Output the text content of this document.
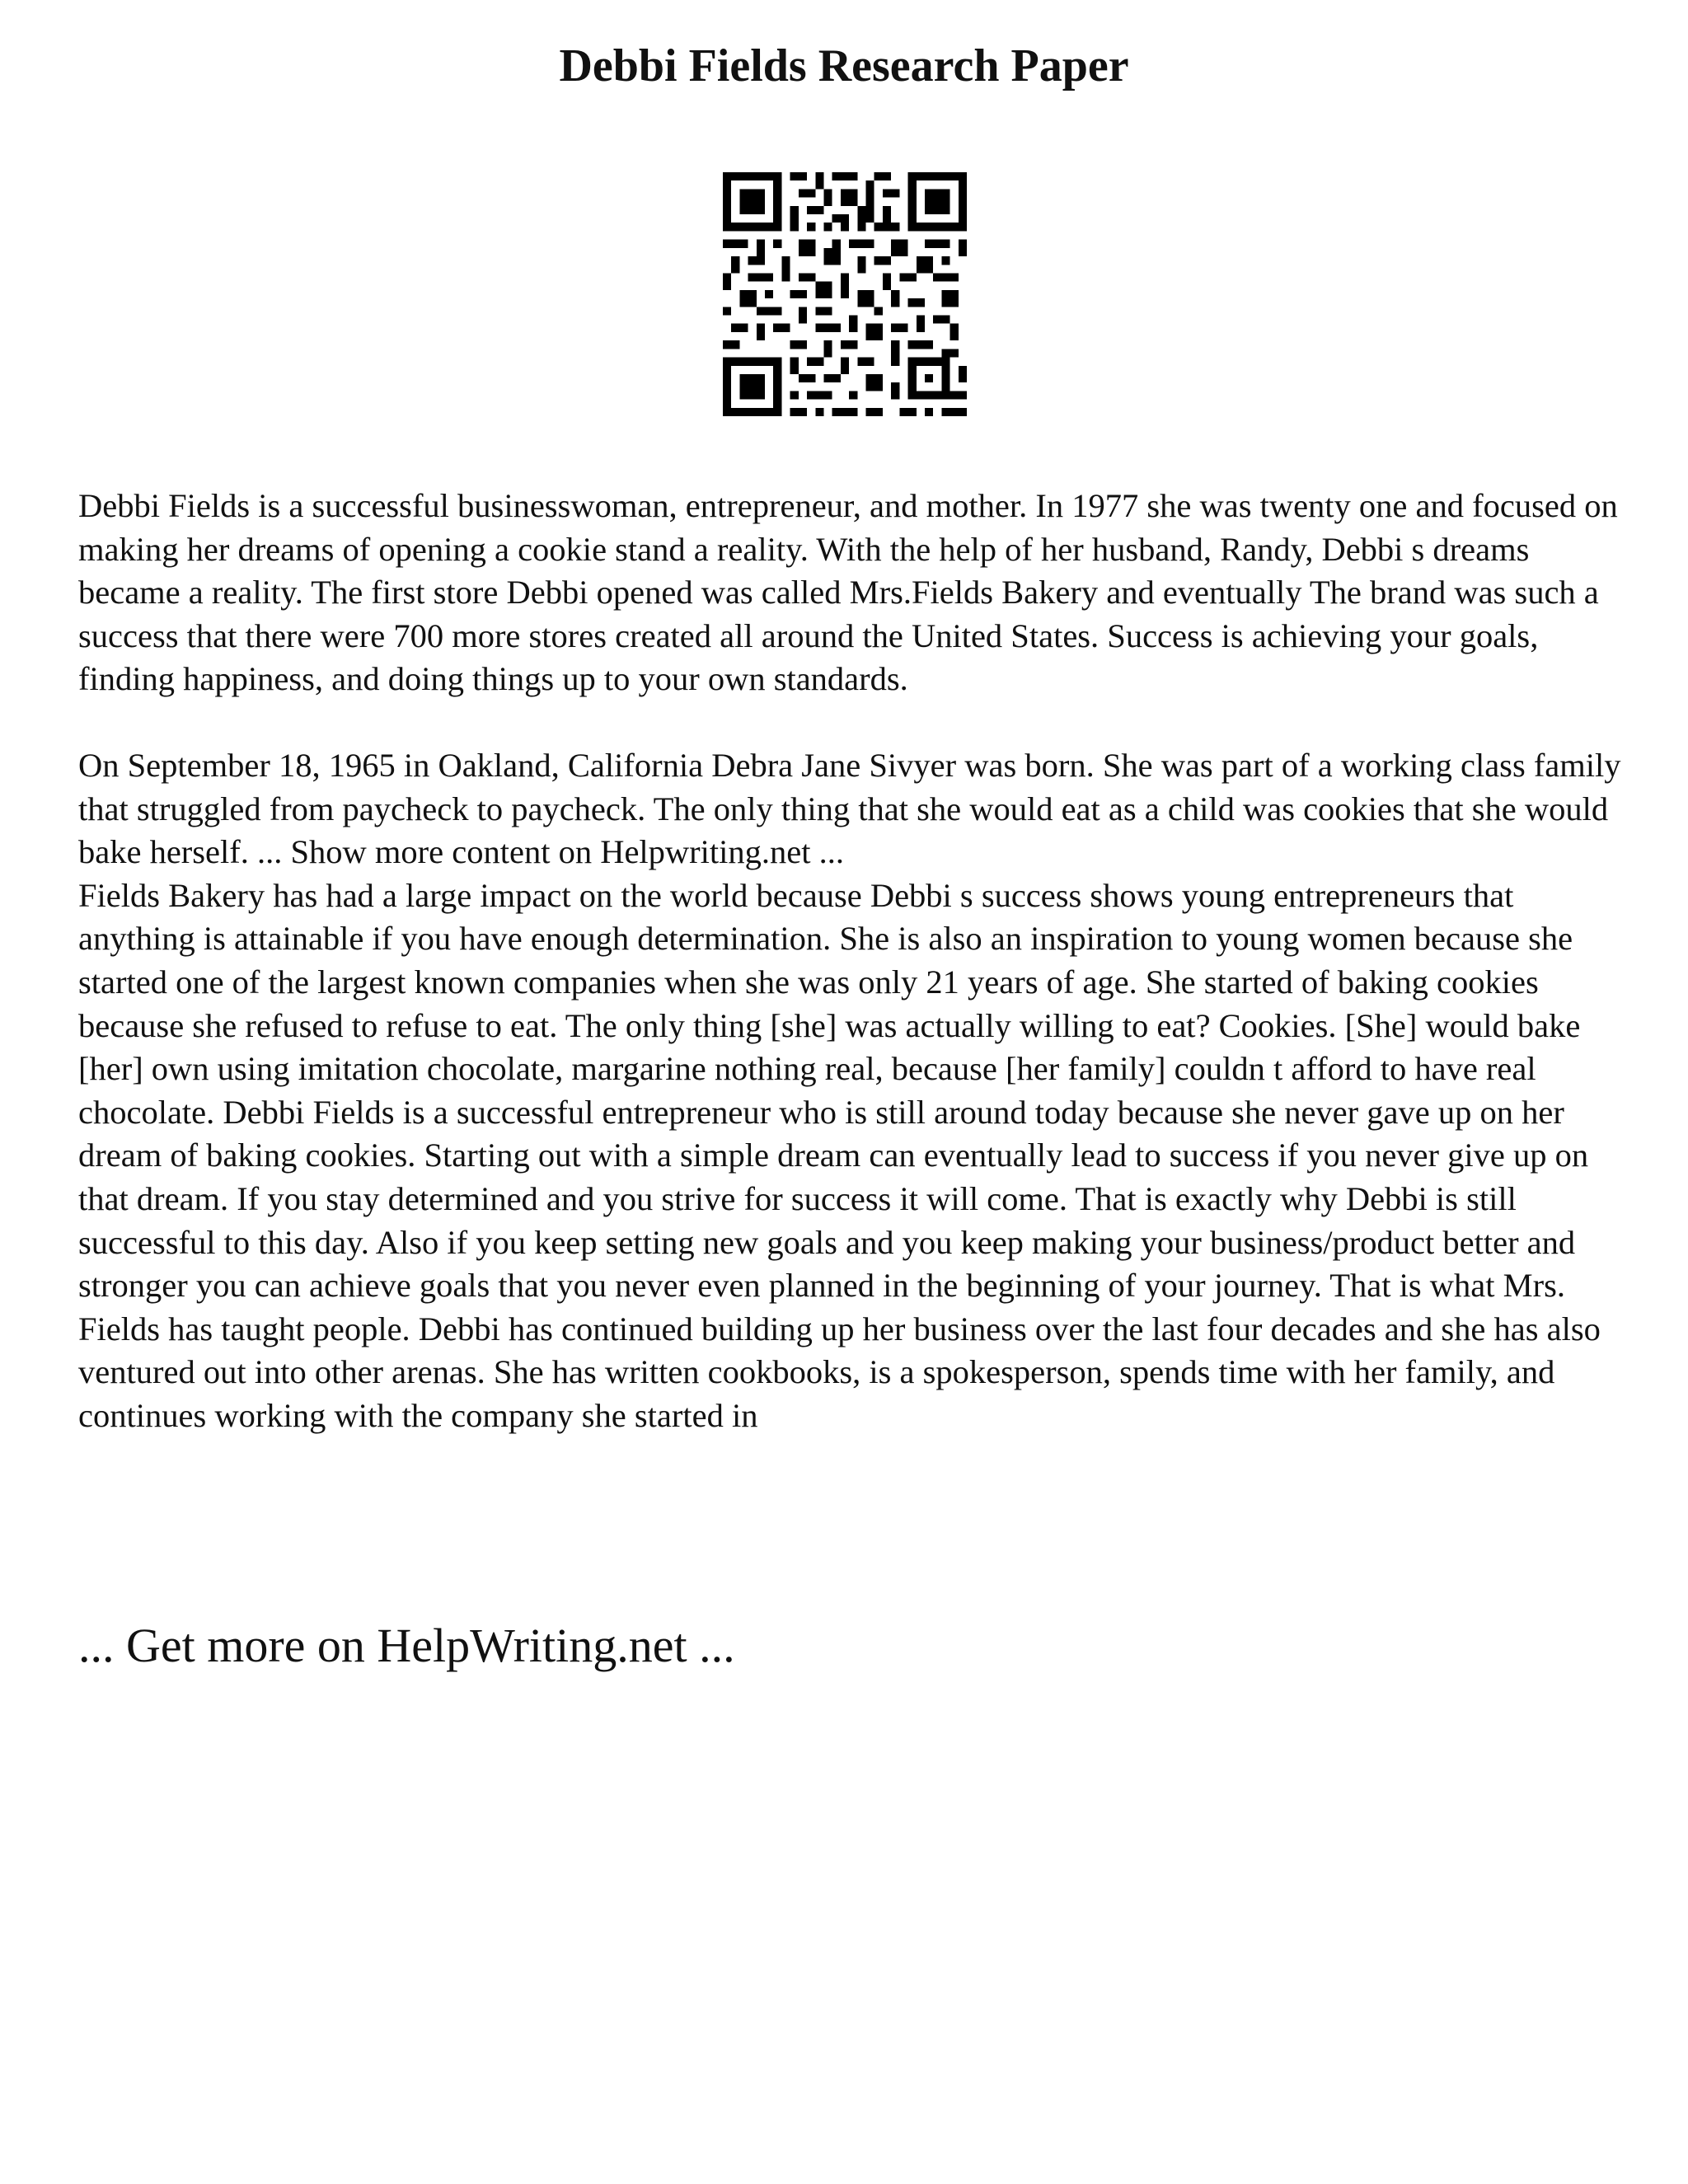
Debbi Fields Research Paper

Debbi Fields is a successful businesswoman, entrepreneur, and mother. In 1977 she was twenty one and focused on making her dreams of opening a cookie stand a reality. With the help of her husband, Randy, Debbi s dreams became a reality. The first store Debbi opened was called Mrs.Fields Bakery and eventually The brand was such a success that there were 700 more stores created all around the United States. Success is achieving your goals, finding happiness, and doing things up to your own standards.

On September 18, 1965 in Oakland, California Debra Jane Sivyer was born. She was part of a working class family that struggled from paycheck to paycheck. The only thing that she would eat as a child was cookies that she would bake herself. ... Show more content on Helpwriting.net ...

Fields Bakery has had a large impact on the world because Debbi s success shows young entrepreneurs that anything is attainable if you have enough determination. She is also an inspiration to young women because she started one of the largest known companies when she was only 21 years of age. She started of baking cookies because she refused to refuse to eat. The only thing [she] was actually willing to eat? Cookies. [She] would bake [her] own using imitation chocolate, margarine nothing real, because [her family] couldn t afford to have real chocolate. Debbi Fields is a successful entrepreneur who is still around today because she never gave up on her dream of baking cookies. Starting out with a simple dream can eventually lead to success if you never give up on that dream. If you stay determined and you strive for success it will come. That is exactly why Debbi is still successful to this day. Also if you keep setting new goals and you keep making your business/product better and stronger you can achieve goals that you never even planned in the beginning of your journey. That is what Mrs. Fields has taught people. Debbi has continued building up her business over the last four decades and she has also ventured out into other arenas. She has written cookbooks, is a spokesperson, spends time with her family, and continues working with the company she started in

... Get more on HelpWriting.net ...
